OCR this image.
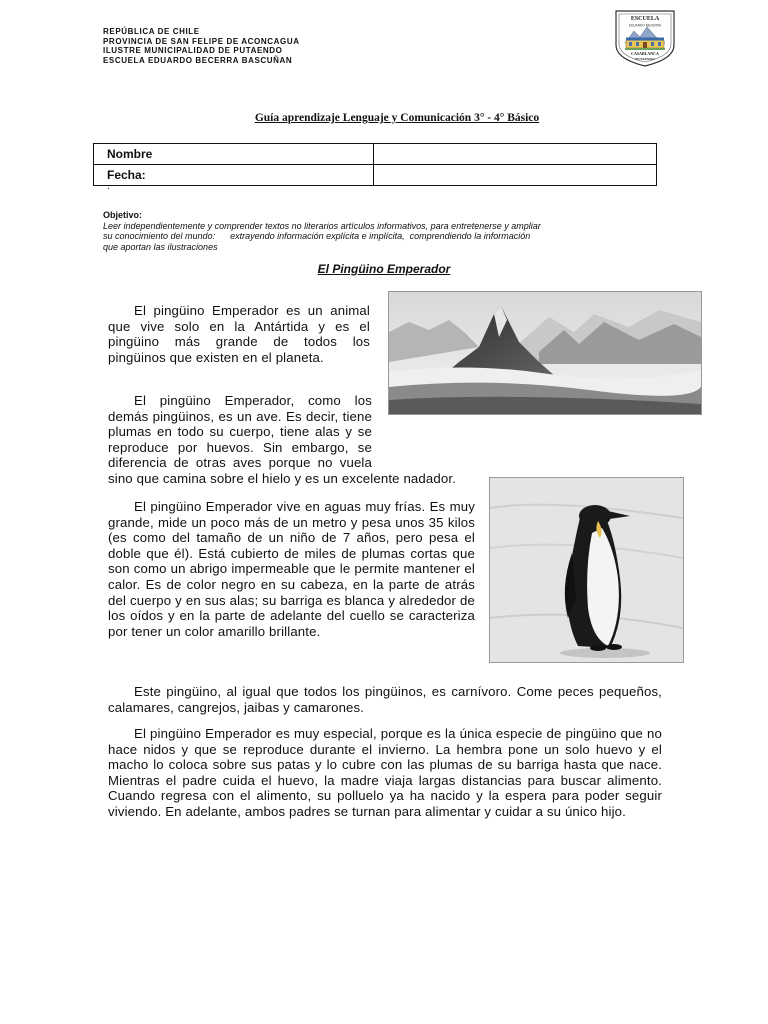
REPÚBLICA DE CHILE
PROVINCIA DE SAN FELIPE DE ACONCAGUA
ILUSTRE MUNICIPALIDAD DE PUTAENDO
ESCUELA EDUARDO BECERRA BASCUÑAN
ESCUELA
EDUARDO BECERRA
CASABLANCA
PUTAENDO
Guía aprendizaje Lenguaje y Comunicación 3° - 4° Básico
Nombre	
Fecha:	
·
Objetivo:
Leer independientemente y comprender textos no literarios artículos informativos, para entretenerse y ampliar
su conocimiento del mundo:      extrayendo información explícita e implícita,  comprendiendo la información
que aportan las ilustraciones
El Pingüino Emperador
El pingüino Emperador es un animal que vive solo en la Antártida y es el pingüino más grande de todos los pingüinos que existen en el planeta.
El pingüino Emperador, como los demás pingüinos, es un ave. Es decir, tiene plumas en todo su cuerpo, tiene alas y se reproduce por huevos. Sin embargo, se diferencia de otras aves porque no vuela sino que camina sobre el hielo y es un excelente nadador.
El pingüino Emperador vive en aguas muy frías. Es muy grande, mide un poco más de un metro y pesa unos 35 kilos (es como del tamaño de un niño de 7 años, pero pesa el doble que él). Está cubierto de miles de plumas cortas que son como un abrigo impermeable que le permite mantener el calor. Es de color negro en su cabeza, en la parte de atrás del cuerpo y en sus alas; su barriga es blanca y alrededor de los oídos y en la parte de adelante del cuello se caracteriza por tener un color amarillo brillante.
Este pingüino, al igual que todos los pingüinos, es carnívoro. Come peces pequeños, calamares, cangrejos, jaibas y camarones.
El pingüino Emperador es muy especial, porque es la única especie de pingüino que no hace nidos y que se reproduce durante el invierno. La hembra pone un solo huevo y el macho lo coloca sobre sus patas y lo cubre con las plumas de su barriga hasta que nace. Mientras el padre cuida el huevo, la madre viaja largas distancias para buscar alimento. Cuando regresa con el alimento, su polluelo ya ha nacido y la espera para poder seguir viviendo. En adelante, ambos padres se turnan para alimentar y cuidar a su único hijo.
